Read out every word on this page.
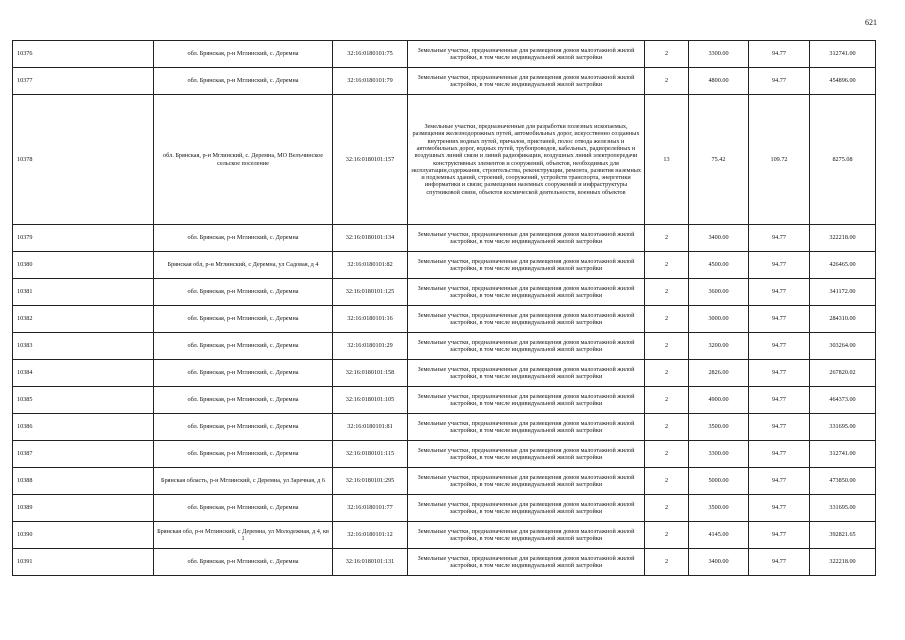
621
10376	обл. Брянская, р-н Мглинский, с. Деремна	32:16:0180101:75	Земельные участки, предназначенные для размещения домов малоэтажной жилой застройки, в том числе индивидуальной жилой застройки	2	3300.00	94.77	312741.00
10377	обл. Брянская, р-н Мглинский, с. Деремна	32:16:0180101:79	Земельные участки, предназначенные для размещения домов малоэтажной жилой застройки, в том числе индивидуальной жилой застройки	2	4800.00	94.77	454896.00
10378	обл. Брянская, р-н Мглинский, с. Деремна, МО Велъчинское сельское поселение	32:16:0180101:157	Земельные участки, предназначенные для разработки полезных ископаемых, размещения железнодорожных путей, автомобильных дорог, искусственно созданных внутренних водных путей, причалов, пристаней, полос отвода железных и автомобильных дорог, водных путей, трубопроводов, кабельных, радиорелейных и воздушных линий связи и линий радиофикации, воздушных линий электропередачи конструктивных элементов и сооружений, объектов, необходимых для эксплуатации,содержания, строительства, реконструкции, ремонта, развития наземных и подземных зданий, строений, сооружений, устройств транспорта, энергетики информатики и связи; размещения наземных сооружений и инфраструктуры спутниковой связи, объектов космической деятельности, военных объектов	13	75.42	109.72	8275.08
10379	обл. Брянская, р-н Мглинский, с. Деремна	32:16:0180101:134	Земельные участки, предназначенные для размещения домов малоэтажной жилой застройки, в том числе индивидуальной жилой застройки	2	3400.00	94.77	322218.00
10380	Брянская обл, р-н Мглинский, с Деремна, ул Садовая, д 4	32:16:0180101:82	Земельные участки, предназначенные для размещения домов малоэтажной жилой застройки, в том числе индивидуальной жилой застройки	2	4500.00	94.77	426465.00
10381	обл. Брянская, р-н Мглинский, с. Деремна	32:16:0180101:125	Земельные участки, предназначенные для размещения домов малоэтажной жилой застройки, в том числе индивидуальной жилой застройки	2	3600.00	94.77	341172.00
10382	обл. Брянская, р-н Мглинский, с. Деремна	32:16:0180101:16	Земельные участки, предназначенные для размещения домов малоэтажной жилой застройки, в том числе индивидуальной жилой застройки	2	3000.00	94.77	284310.00
10383	обл. Брянская, р-н Мглинский, с. Деремна	32:16:0180101:29	Земельные участки, предназначенные для размещения домов малоэтажной жилой застройки, в том числе индивидуальной жилой застройки	2	3200.00	94.77	303264.00
10384	обл. Брянская, р-н Мглинский, с. Деремна	32:16:0180101:158	Земельные участки, предназначенные для размещения домов малоэтажной жилой застройки, в том числе индивидуальной жилой застройки	2	2826.00	94.77	267820.02
10385	обл. Брянская, р-н Мглинский, с. Деремна	32:16:0180101:105	Земельные участки, предназначенные для размещения домов малоэтажной жилой застройки, в том числе индивидуальной жилой застройки	2	4900.00	94.77	464373.00
10386	обл. Брянская, р-н Мглинский, с. Деремна	32:16:0180101:81	Земельные участки, предназначенные для размещения домов малоэтажной жилой застройки, в том числе индивидуальной жилой застройки	2	3500.00	94.77	331695.00
10387	обл. Брянская, р-н Мглинский, с. Деремна	32:16:0180101:115	Земельные участки, предназначенные для размещения домов малоэтажной жилой застройки, в том числе индивидуальной жилой застройки	2	3300.00	94.77	312741.00
10388	Брянская область, р-н Мглинский, с Деремна, ул Заречная, д 6	32:16:0180101:295	Земельные участки, предназначенные для размещения домов малоэтажной жилой застройки, в том числе индивидуальной жилой застройки	2	5000.00	94.77	473850.00
10389	обл. Брянская, р-н Мглинский, с. Деремна	32:16:0180101:77	Земельные участки, предназначенные для размещения домов малоэтажной жилой застройки, в том числе индивидуальной жилой застройки	2	3500.00	94.77	331695.00
10390	Брянская обл, р-н Мглинский, с Деремна, ул Молодежная, д 4, кв 1	32:16:0180101:12	Земельные участки, предназначенные для размещения домов малоэтажной жилой застройки, в том числе индивидуальной жилой застройки	2	4145.00	94.77	392821.65
10391	обл. Брянская, р-н Мглинский, с. Деремна	32:16:0180101:131	Земельные участки, предназначенные для размещения домов малоэтажной жилой застройки, в том числе индивидуальной жилой застройки	2	3400.00	94.77	322218.00
